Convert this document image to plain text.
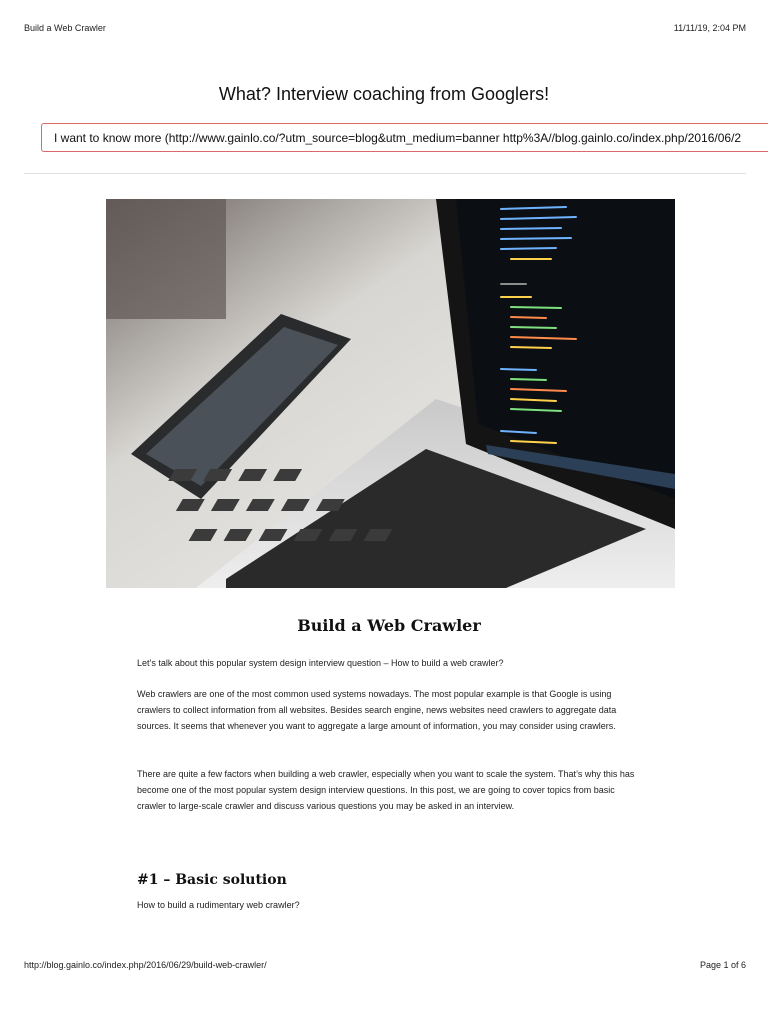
Build a Web Crawler	11/11/19, 2:04 PM
What? Interview coaching from Googlers!
I want to know more (http://www.gainlo.co/?utm_source=blog&utm_medium=banner http%3A//blog.gainlo.co/index.php/2016/06/2
Build a Web Crawler

Let’s talk about this popular system design interview question – How to build a web crawler?

Web crawlers are one of the most common used systems nowadays. The most popular example is that Google is using crawlers to collect information from all websites. Besides search engine, news websites need crawlers to aggregate data sources. It seems that whenever you want to aggregate a large amount of information, you may consider using crawlers.

There are quite a few factors when building a web crawler, especially when you want to scale the system. That’s why this has become one of the most popular system design interview questions. In this post, we are going to cover topics from basic crawler to large-scale crawler and discuss various questions you may be asked in an interview.

#1 – Basic solution

How to build a rudimentary web crawler?

http://blog.gainlo.co/index.php/2016/06/29/build-web-crawler/	Page 1 of 6
